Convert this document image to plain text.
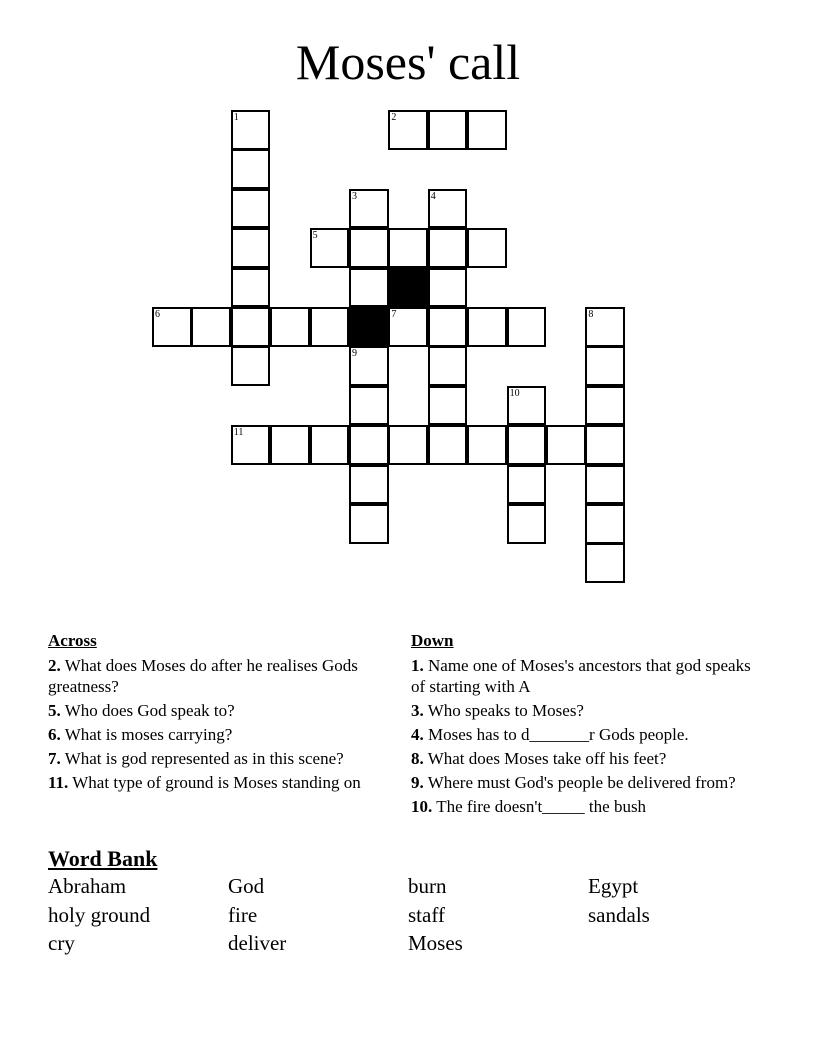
Moses' call
1	2
3	4
5
6	7	8
9
10
11
Across
2. What does Moses do after he realises Gods greatness?
5. Who does God speak to?
6. What is moses carrying?
7. What is god represented as in this scene?
11. What type of ground is Moses standing on
Down
1. Name one of Moses's ancestors that god speaks of starting with A
3. Who speaks to Moses?
4. Moses has to d_______r Gods people.
8. What does Moses take off his feet?
9. Where must God's people be delivered from?
10. The fire doesn't_____ the bush
Word Bank
Abraham	God	burn	Egypt
holy ground	fire	staff	sandals
cry	deliver	Moses
